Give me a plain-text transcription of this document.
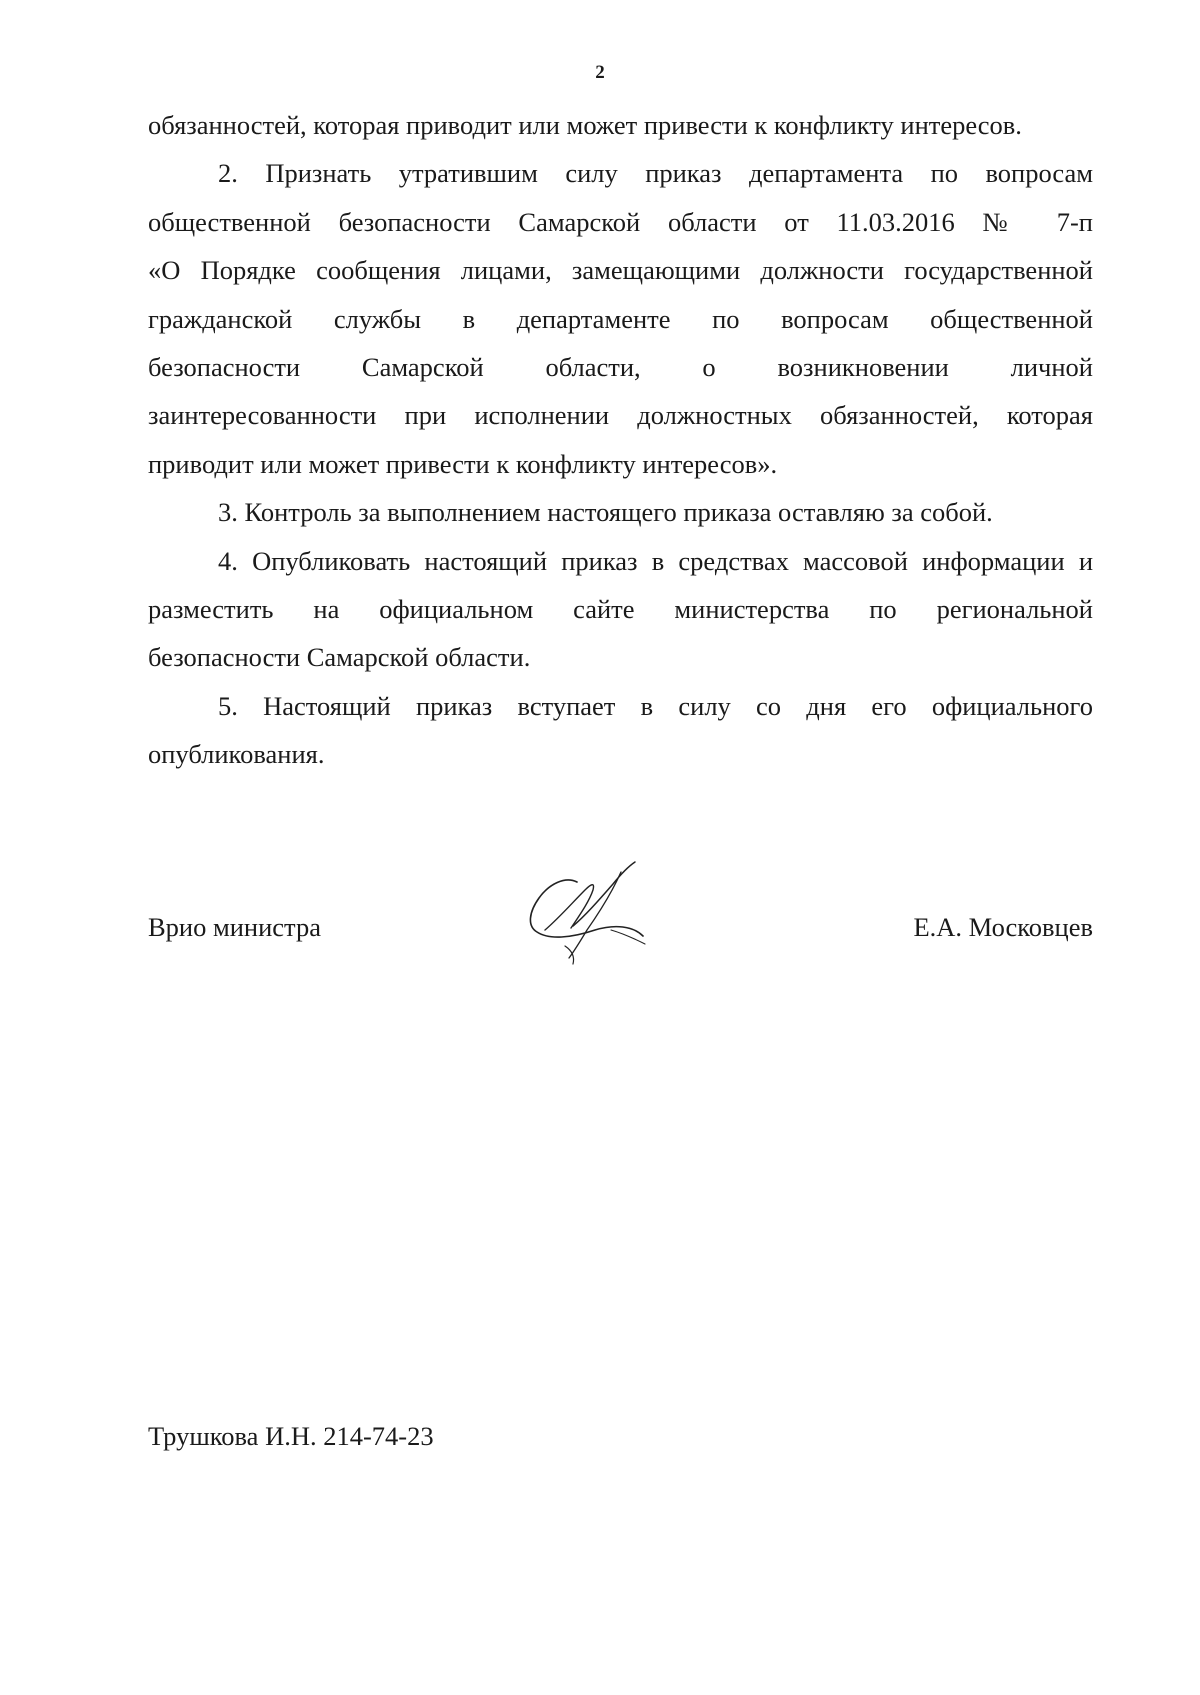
2

обязанностей, которая приводит или может привести к конфликту интересов.

2. Признать утратившим силу приказ департамента по вопросам
общественной безопасности Самарской области от 11.03.2016 № 7-п
«О Порядке сообщения лицами, замещающими должности государственной
гражданской службы в департаменте по вопросам общественной
безопасности Самарской области, о возникновении личной
заинтересованности при исполнении должностных обязанностей, которая
приводит или может привести к конфликту интересов».

3. Контроль за выполнением настоящего приказа оставляю за собой.

4. Опубликовать настоящий приказ в средствах массовой информации и
разместить на официальном сайте министерства по региональной
безопасности Самарской области.

5. Настоящий приказ вступает в силу со дня его официального
опубликования.

Врио министра	Е.А. Московцев
Трушкова И.Н. 214-74-23
